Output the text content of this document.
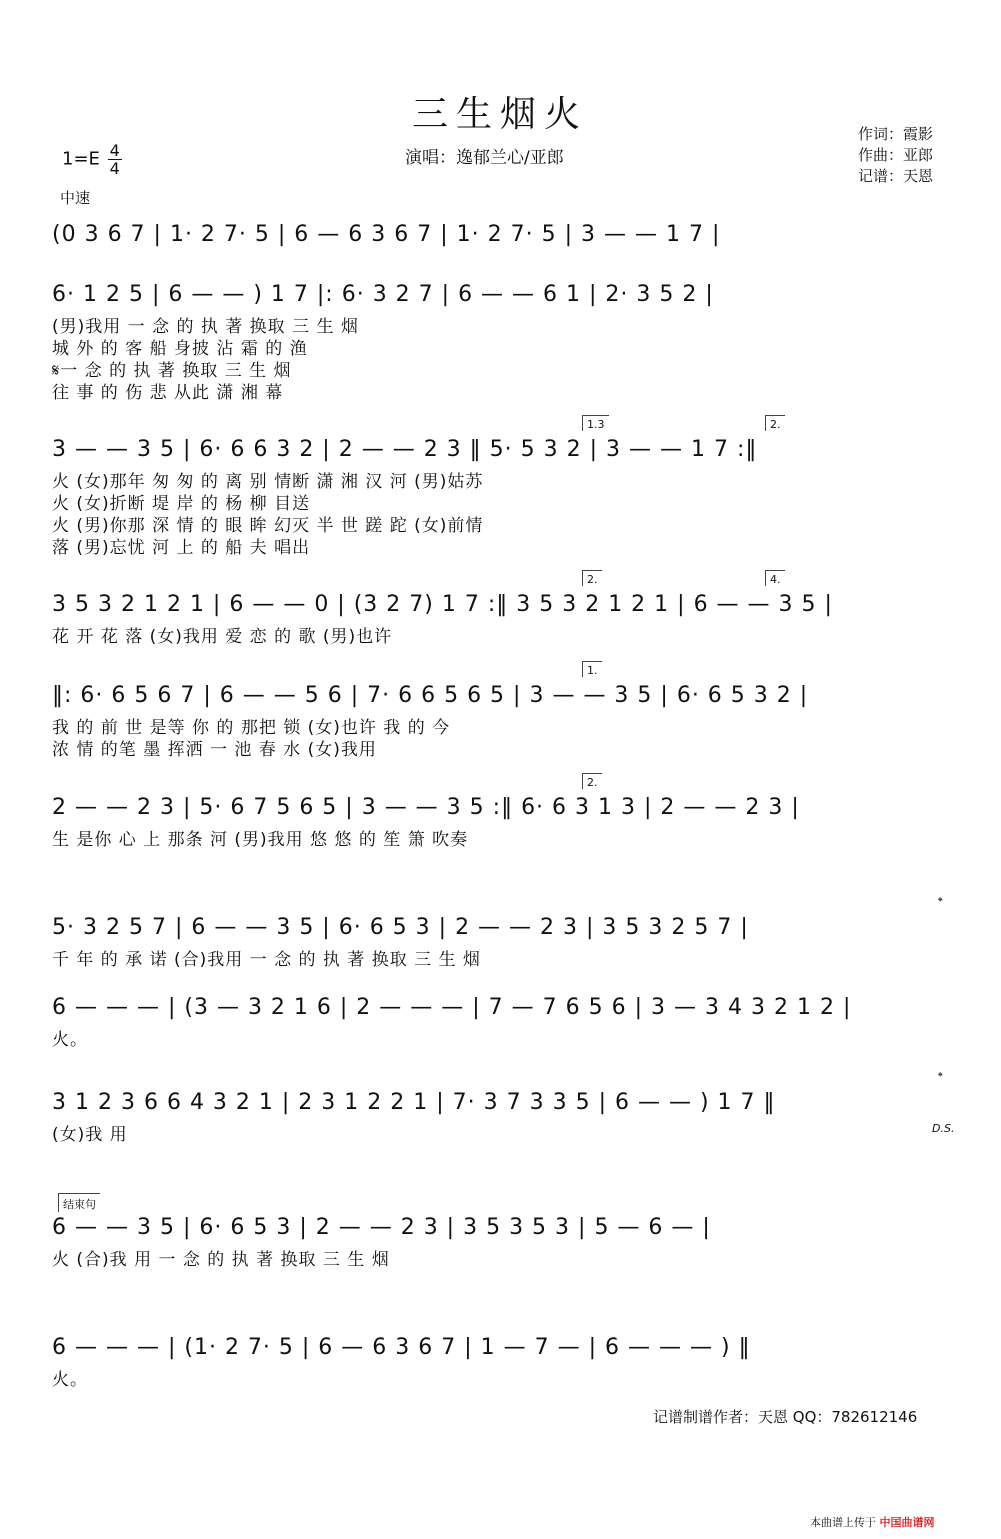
三生烟火
$1=E \frac{4}{4}$
中速
演唱：逸郁兰心/亚郎
作词：霞影
作曲：亚郎
记谱：天恩
(0 3 6 7 | 1· 2 7· 5 | 6 — 6 3 6 7 | 1· 2 7· 5 | 3 — — 1 7 |
6· 1 2 5 | 6 — — ) 1 7 |: 6· 3 2 7 | 6 — — 6 1 | 2· 3 5 2 |
(男)我用 一 念 的 执 著 换取 三 生 烟
城 外 的 客 船 身披 沾 霜 的 渔
𝄋一 念 的 执 著 换取 三 生 烟
往 事 的 伤 悲 从此 潇 湘 幕
3 — — 3 5 | 6· 6 6 3 2 | 2 — — 2 3 ‖ 5· 5 3 2 | 3 — — 1 7 :‖
火 (女)那年 匆 匆 的 离 别 情断 潇 湘 汉 河 (男)姑苏
火 (女)折断 堤 岸 的 杨 柳 目送
火 (男)你那 深 情 的 眼 眸 幻灭 半 世 蹉 跎 (女)前情
落 (男)忘忧 河 上 的 船 夫 唱出
1.3	2.
3 5 3 2 1 2 1 | 6 — — 0 | (3 2 7) 1 7 :‖ 3 5 3 2 1 2 1 | 6 — — 3 5 |
花 开 花 落 (女)我用 爱 恋 的 歌 (男)也许
2.	4.
‖: 6· 6 5 6 7 | 6 — — 5 6 | 7· 6 6 5 6 5 | 3 — — 3 5 | 6· 6 5 3 2 |
我 的 前 世 是等 你 的 那把 锁 (女)也许 我 的 今
浓 情 的笔 墨 挥洒 一 池 春 水 (女)我用
1.
2 — — 2 3 | 5· 6 7 5 6 5 | 3 — — 3 5 :‖ 6· 6 3 1 3 | 2 — — 2 3 |
生 是你 心 上 那条 河 (男)我用 悠 悠 的 笙 箫 吹奏
2.
5· 3 2 5 7 | 6 — — 3 5 | 6· 6 5 3 | 2 — — 2 3 | 3 5 3 2 5 7 |
千 年 的 承 诺 (合)我用 一 念 的 执 著 换取 三 生 烟
𝄌
6 — — — | (3 — 3 2 1 6 | 2 — — — | 7 — 7 6 5 6 | 3 — 3 4 3 2 1 2 |
火。
3 1 2 3 6 6 4 3 2 1 | 2 3 1 2 2 1 | 7· 3 7 3 3 5 | 6 — — ) 1 7 ‖
(女)我 用
𝄌
D.S.
6 — — 3 5 | 6· 6 5 3 | 2 — — 2 3 | 3 5 3 5 3 | 5 — 6 — |
火 (合)我 用 一 念 的 执 著 换取 三 生 烟
结束句
6 — — — | (1· 2 7· 5 | 6 — 6 3 6 7 | 1 — 7 — | 6 — — — ) ‖
火。
记谱制谱作者：天恩 QQ：782612146
本曲谱上传于 中国曲谱网
